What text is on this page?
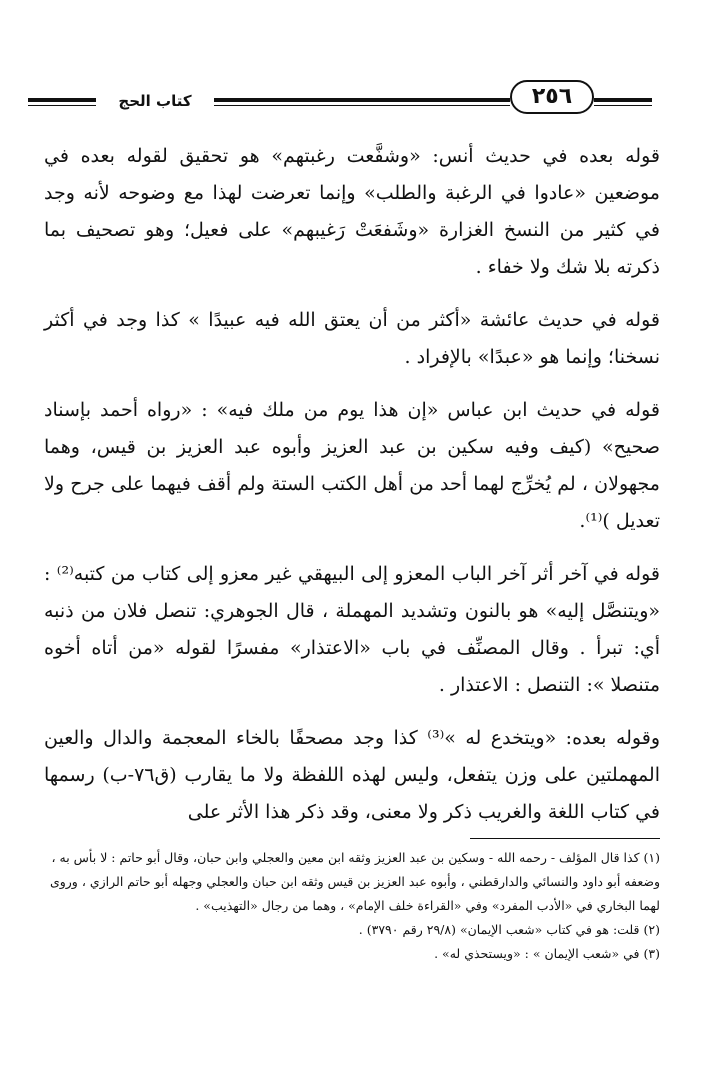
كتاب الحج	٢٥٦

قوله بعده في حديث أنس: «وشفَّعت رغبتهم» هو تحقيق لقوله بعده في موضعين «عادوا في الرغبة والطلب» وإنما تعرضت لهذا مع وضوحه لأنه وجد في كثير من النسخ الغزارة «وشَفعَتْ رَغيبهم» على فعيل؛ وهو تصحيف بما ذكرته بلا شك ولا خفاء .

قوله في حديث عائشة «أكثر من أن يعتق الله فيه عبيدًا » كذا وجد في أكثر نسخنا؛ وإنما هو «عبدًا» بالإفراد .

قوله في حديث ابن عباس «إن هذا يوم من ملك فيه» : «رواه أحمد بإسناد صحيح» (كيف وفيه سكين بن عبد العزيز وأبوه عبد العزيز بن قيس، وهما مجهولان ، لم يُخرِّج لهما أحد من أهل الكتب الستة ولم أقف فيهما على جرح ولا تعديل )⁽¹⁾.

قوله في آخر أثر آخر الباب المعزو إلى البيهقي غير معزو إلى كتاب من كتبه⁽²⁾ : «ويتنصَّل إليه» هو بالنون وتشديد المهملة ، قال الجوهري: تنصل فلان من ذنبه أي: تبرأ . وقال المصنِّف في باب «الاعتذار» مفسرًا لقوله «من أتاه أخوه متنصلا »: التنصل : الاعتذار .

وقوله بعده: «ويتخدع له »⁽³⁾ كذا وجد مصحفًا بالخاء المعجمة والدال والعين المهملتين على وزن يتفعل، وليس لهذه اللفظة ولا ما يقارب (ق٧٦-ب) رسمها في كتاب اللغة والغريب ذكر ولا معنى، وقد ذكر هذا الأثر على

(١) كذا قال المؤلف - رحمه الله - وسكين بن عبد العزيز وثقه ابن معين والعجلي وابن حبان، وقال أبو حاتم : لا بأس به ، وضعفه أبو داود والنسائي والدارقطني ، وأبوه عبد العزيز بن قيس وثقه ابن حبان والعجلي وجهله أبو حاتم الرازي ، وروى لهما البخاري في «الأدب المفرد» وفي «القراءة خلف الإمام» ، وهما من رجال «التهذيب» .

(٢) قلت: هو في كتاب «شعب الإيمان» (٢٩/٨ رقم ٣٧٩٠) .

(٣) في «شعب الإيمان » : «ويستحذي له» .
